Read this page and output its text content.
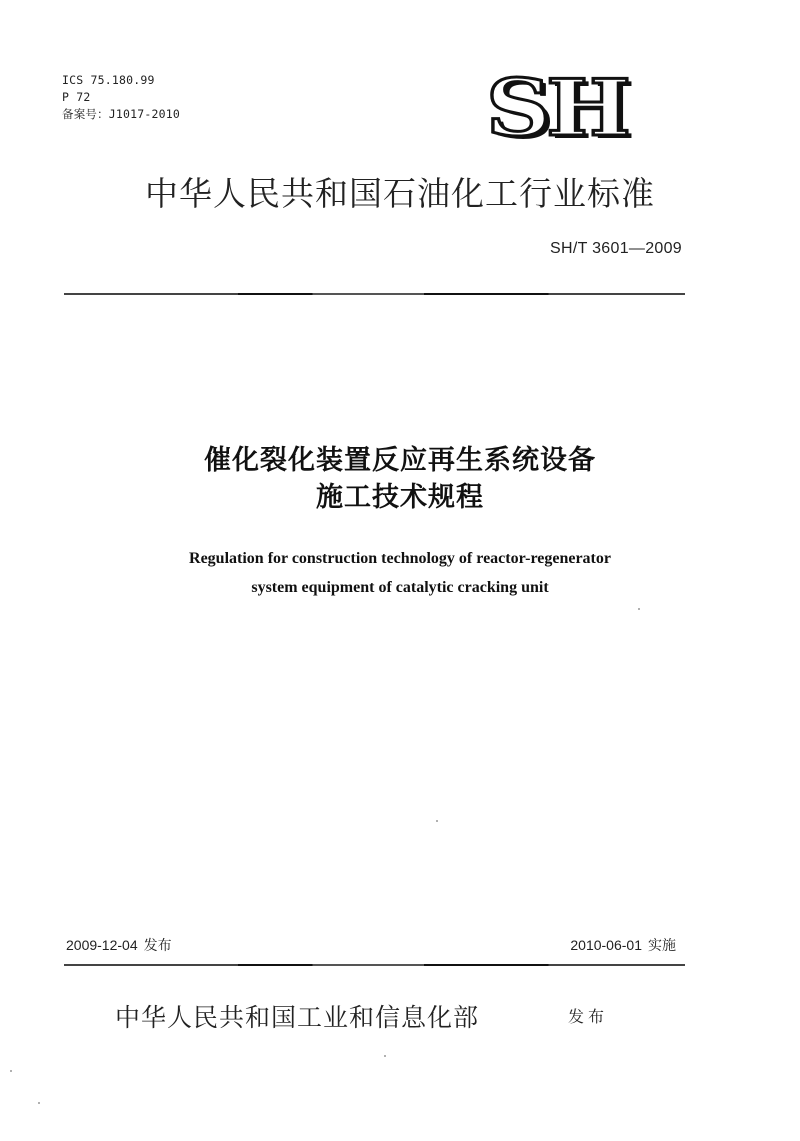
ICS 75.180.99
P 72
备案号：J1017-2010	SH
中华人民共和国石油化工行业标准
SH/T 3601—2009
催化裂化装置反应再生系统设备
施工技术规程
Regulation for construction technology of reactor-regenerator
system equipment of catalytic cracking unit
2009-12-04 发布	2010-06-01 实施
中华人民共和国工业和信息化部	发布
